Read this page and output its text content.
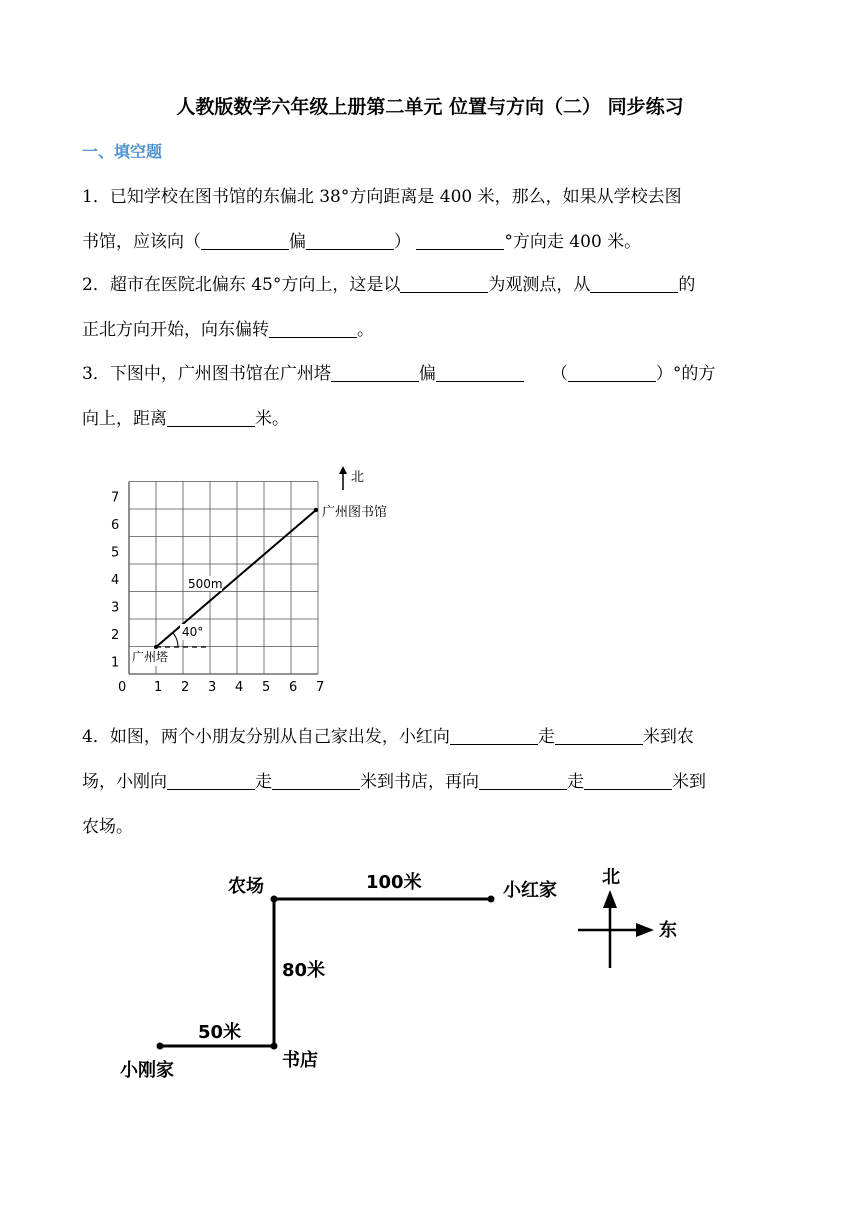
人教版数学六年级上册第二单元 位置与方向（二） 同步练习
一、填空题
1．已知学校在图书馆的东偏北 38°方向距离是 400 米，那么，如果从学校去图
书馆，应该向（	偏	）	°方向走 400 米。
2．超市在医院北偏东 45°方向上，这是以	为观测点，从	的
正北方向开始，向东偏转	。
3．下图中，广州图书馆在广州塔	偏	（	）°的方
向上，距离	米。
0 1 2 3 4 5 6 7
1
2
3
4
5
6
7
北
40°
广州塔
500m
广州图书馆
4．如图，两个小朋友分别从自己家出发，小红向	走	米到农
场，小刚向	走	米到书店，再向	走	米到
农场。
农场	小红家
100米
80米
50米
书店
小刚家
北
东
